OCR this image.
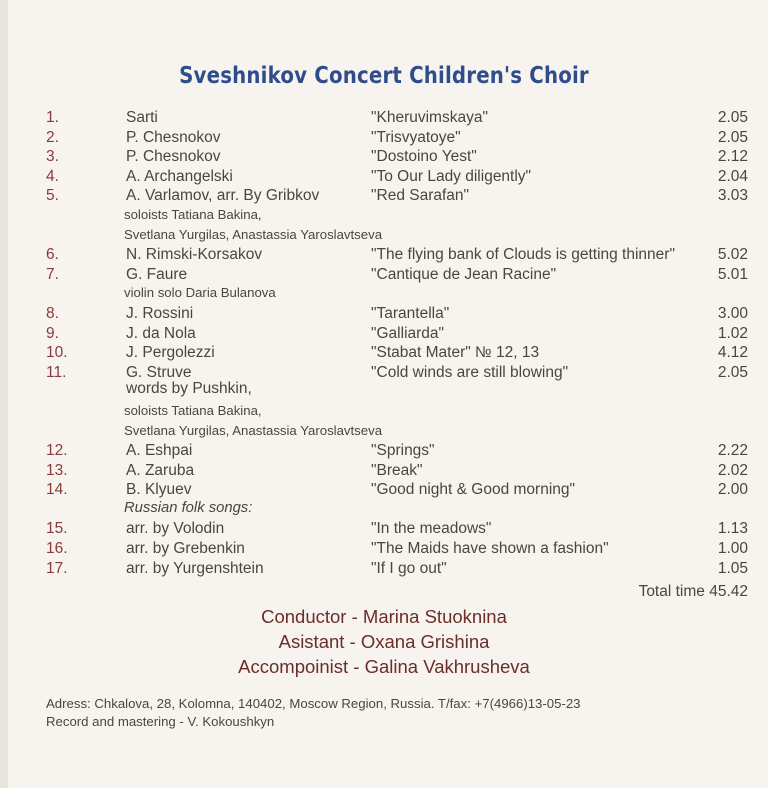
Sveshnikov Concert Children's Choir
1.	Sarti	"Kheruvimskaya"	2.05
2.	P. Chesnokov	"Trisvyatoye"	2.05
3.	P. Chesnokov	"Dostoino Yest"	2.12
4.	A. Archangelski	"To Our Lady diligently"	2.04
5.	A. Varlamov, arr. By Gribkov	"Red Sarafan"	3.03
soloists Tatiana Bakina,
Svetlana Yurgilas, Anastassia Yaroslavtseva
6.	N. Rimski-Korsakov	"The flying bank of Clouds is getting thinner"	5.02
7.	G. Faure	"Cantique de Jean Racine"	5.01
violin solo Daria Bulanova
8.	J. Rossini	"Tarantella"	3.00
9.	J. da Nola	"Galliarda"	1.02
10.	J. Pergolezzi	"Stabat Mater" № 12, 13	4.12
11.	G. Struve	"Cold winds are still blowing"	2.05
words by Pushkin,
soloists Tatiana Bakina,
Svetlana Yurgilas, Anastassia Yaroslavtseva
12.	A. Eshpai	"Springs"	2.22
13.	A. Zaruba	"Break"	2.02
14.	B. Klyuev	"Good night & Good morning"	2.00
Russian folk songs:
15.	arr. by Volodin	"In the meadows"	1.13
16.	arr. by Grebenkin	"The Maids have shown a fashion"	1.00
17.	arr. by Yurgenshtein	"If I go out"	1.05
Total time 45.42
Conductor - Marina Stuoknina
Asistant - Oxana Grishina
Accompoinist - Galina Vakhrusheva
Adress: Chkalova, 28, Kolomna, 140402, Moscow Region, Russia. T/fax: +7(4966)13-05-23
Record and mastering - V. Kokoushkyn
